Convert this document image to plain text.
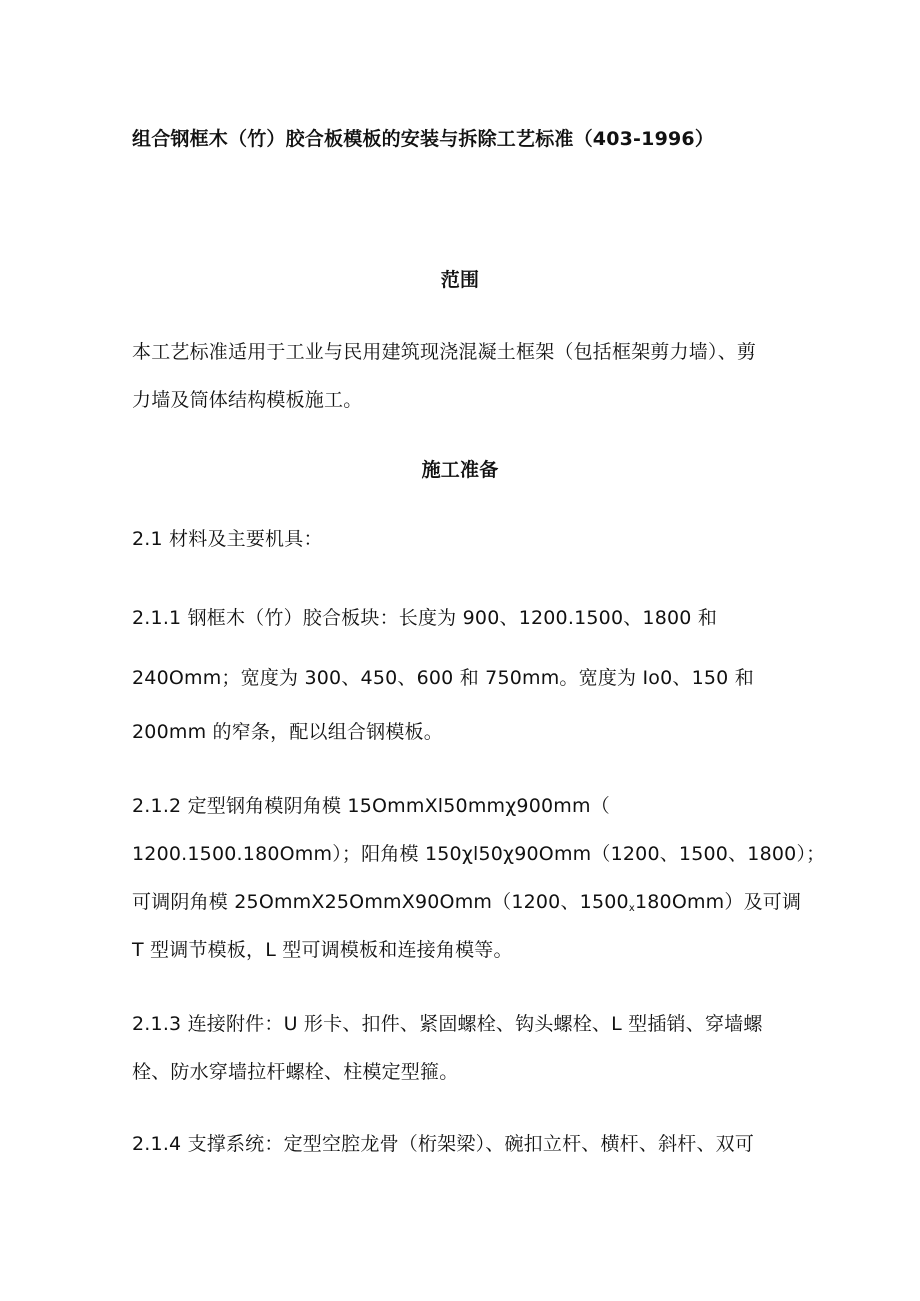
组合钢框木（竹）胶合板模板的安装与拆除工艺标准（403-1996）
范围
本工艺标准适用于工业与民用建筑现浇混凝土框架（包括框架剪力墙）、剪
力墙及筒体结构模板施工。
施工准备
2.1 材料及主要机具：
2.1.1 钢框木（竹）胶合板块：长度为 900、1200.1500、1800 和
240Omm；宽度为 300、450、600 和 750mm。宽度为 Io0、150 和
200mm 的窄条，配以组合钢模板。
2.1.2 定型钢角模阴角模 15OmmXl50mmχ900mm（
1200.1500.180Omm）；阳角模 150χl50χ90Omm（1200、1500、1800）；
可调阴角模 25OmmX25OmmX90Omm（1200、$1500_x180Omm$）及可调
T 型调节模板，L 型可调模板和连接角模等。
2.1.3 连接附件：U 形卡、扣件、紧固螺栓、钩头螺栓、L 型插销、穿墙螺
栓、防水穿墙拉杆螺栓、柱模定型箍。
2.1.4 支撑系统：定型空腔龙骨（桁架梁）、碗扣立杆、横杆、斜杆、双可
